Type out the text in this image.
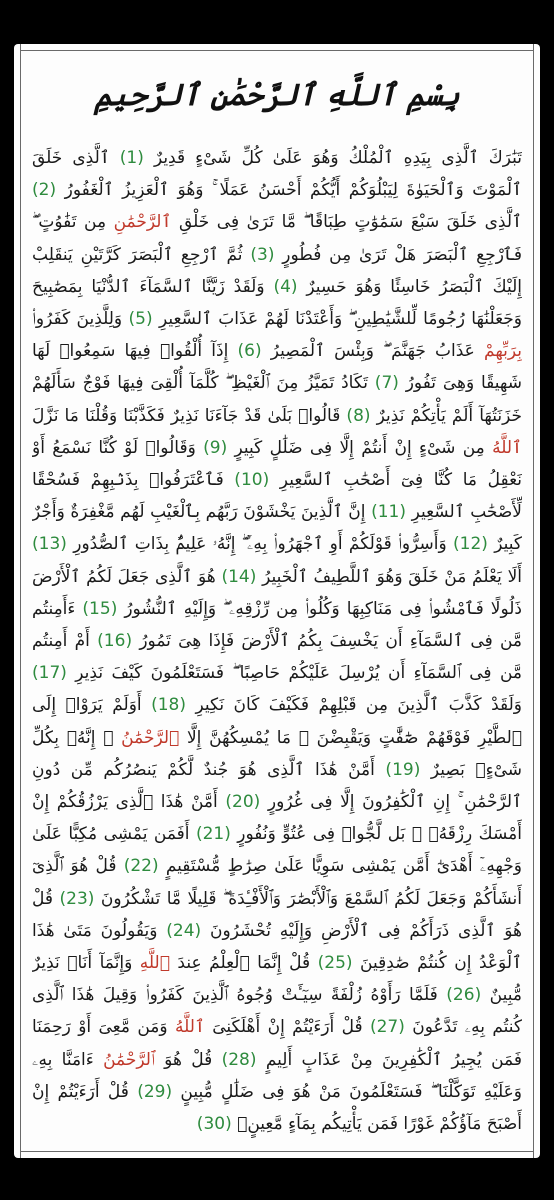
بِسْمِ ٱللَّهِ ٱلرَّحْمَٰنِ ٱلرَّحِيمِ
تَبَٰرَكَ ٱلَّذِى بِيَدِهِ ٱلْمُلْكُ وَهُوَ عَلَىٰ كُلِّ شَىْءٍ قَدِيرٌ (1) ٱلَّذِى خَلَقَ ٱلْمَوْتَ وَٱلْحَيَوٰةَ لِيَبْلُوَكُمْ أَيُّكُمْ أَحْسَنُ عَمَلًا ۚ وَهُوَ ٱلْعَزِيزُ ٱلْغَفُورُ (2) ٱلَّذِى خَلَقَ سَبْعَ سَمَٰوَٰتٍ طِبَاقًا ۖ مَّا تَرَىٰ فِى خَلْقِ ٱلرَّحْمَٰنِ مِن تَفَٰوُتٍ ۖ فَٱرْجِعِ ٱلْبَصَرَ هَلْ تَرَىٰ مِن فُطُورٍ (3) ثُمَّ ٱرْجِعِ ٱلْبَصَرَ كَرَّتَيْنِ يَنقَلِبْ إِلَيْكَ ٱلْبَصَرُ خَاسِئًا وَهُوَ حَسِيرٌ (4) وَلَقَدْ زَيَّنَّا ٱلسَّمَآءَ ٱلدُّنْيَا بِمَصَٰبِيحَ وَجَعَلْنَٰهَا رُجُومًا لِّلشَّيَٰطِينِ ۖ وَأَعْتَدْنَا لَهُمْ عَذَابَ ٱلسَّعِيرِ (5) وَلِلَّذِينَ كَفَرُوا۟ بِرَبِّهِمْ عَذَابُ جَهَنَّمَ ۖ وَبِئْسَ ٱلْمَصِيرُ (6) إِذَآ أُلْقُوا۟ فِيهَا سَمِعُوا۟ لَهَا شَهِيقًا وَهِىَ تَفُورُ (7) تَكَادُ تَمَيَّزُ مِنَ ٱلْغَيْظِ ۖ كُلَّمَآ أُلْقِىَ فِيهَا فَوْجٌ سَأَلَهُمْ خَزَنَتُهَآ أَلَمْ يَأْتِكُمْ نَذِيرٌ (8) قَالُوا۟ بَلَىٰ قَدْ جَآءَنَا نَذِيرٌ فَكَذَّبْنَا وَقُلْنَا مَا نَزَّلَ ٱللَّهُ مِن شَىْءٍ إِنْ أَنتُمْ إِلَّا فِى ضَلَٰلٍ كَبِيرٍ (9) وَقَالُوا۟ لَوْ كُنَّا نَسْمَعُ أَوْ نَعْقِلُ مَا كُنَّا فِىٓ أَصْحَٰبِ ٱلسَّعِيرِ (10) فَٱعْتَرَفُوا۟ بِذَنۢبِهِمْ فَسُحْقًا لِّأَصْحَٰبِ ٱلسَّعِيرِ (11) إِنَّ ٱلَّذِينَ يَخْشَوْنَ رَبَّهُم بِٱلْغَيْبِ لَهُم مَّغْفِرَةٌ وَأَجْرٌ كَبِيرٌ (12) وَأَسِرُّوا۟ قَوْلَكُمْ أَوِ ٱجْهَرُوا۟ بِهِۦٓ ۖ إِنَّهُۥ عَلِيمٌۢ بِذَاتِ ٱلصُّدُورِ (13) أَلَا يَعْلَمُ مَنْ خَلَقَ وَهُوَ ٱللَّطِيفُ ٱلْخَبِيرُ (14) هُوَ ٱلَّذِى جَعَلَ لَكُمُ ٱلْأَرْضَ ذَلُولًا فَٱمْشُوا۟ فِى مَنَاكِبِهَا وَكُلُوا۟ مِن رِّزْقِهِۦ ۖ وَإِلَيْهِ ٱلنُّشُورُ (15) ءَأَمِنتُم مَّن فِى ٱلسَّمَآءِ أَن يَخْسِفَ بِكُمُ ٱلْأَرْضَ فَإِذَا هِىَ تَمُورُ (16) أَمْ أَمِنتُم مَّن فِى ٱلسَّمَآءِ أَن يُرْسِلَ عَلَيْكُمْ حَاصِبًا ۖ فَسَتَعْلَمُونَ كَيْفَ نَذِيرِ (17) وَلَقَدْ كَذَّبَ ٱلَّذِينَ مِن قَبْلِهِمْ فَكَيْفَ كَانَ نَكِيرِ (18) أَوَلَمْ يَرَوْا۟ إِلَى ٱلطَّيْرِ فَوْقَهُمْ صَٰٓفَّٰتٍ وَيَقْبِضْنَ ۚ مَا يُمْسِكُهُنَّ إِلَّا ٱلرَّحْمَٰنُ ۚ إِنَّهُۥ بِكُلِّ شَىْءٍۭ بَصِيرٌ (19) أَمَّنْ هَٰذَا ٱلَّذِى هُوَ جُندٌ لَّكُمْ يَنصُرُكُم مِّن دُونِ ٱلرَّحْمَٰنِ ۚ إِنِ ٱلْكَٰفِرُونَ إِلَّا فِى غُرُورٍ (20) أَمَّنْ هَٰذَا ٱلَّذِى يَرْزُقُكُمْ إِنْ أَمْسَكَ رِزْقَهُۥ ۚ بَل لَّجُّوا۟ فِى عُتُوٍّ وَنُفُورٍ (21) أَفَمَن يَمْشِى مُكِبًّا عَلَىٰ وَجْهِهِۦٓ أَهْدَىٰٓ أَمَّن يَمْشِى سَوِيًّا عَلَىٰ صِرَٰطٍ مُّسْتَقِيمٍ (22) قُلْ هُوَ ٱلَّذِىٓ أَنشَأَكُمْ وَجَعَلَ لَكُمُ ٱلسَّمْعَ وَٱلْأَبْصَٰرَ وَٱلْأَفْـِٔدَةَ ۖ قَلِيلًا مَّا تَشْكُرُونَ (23) قُلْ هُوَ ٱلَّذِى ذَرَأَكُمْ فِى ٱلْأَرْضِ وَإِلَيْهِ تُحْشَرُونَ (24) وَيَقُولُونَ مَتَىٰ هَٰذَا ٱلْوَعْدُ إِن كُنتُمْ صَٰدِقِينَ (25) قُلْ إِنَّمَا ٱلْعِلْمُ عِندَ ٱللَّهِ وَإِنَّمَآ أَنَا۠ نَذِيرٌ مُّبِينٌ (26) فَلَمَّا رَأَوْهُ زُلْفَةً سِيٓـَٔتْ وُجُوهُ ٱلَّذِينَ كَفَرُوا۟ وَقِيلَ هَٰذَا ٱلَّذِى كُنتُم بِهِۦ تَدَّعُونَ (27) قُلْ أَرَءَيْتُمْ إِنْ أَهْلَكَنِىَ ٱللَّهُ وَمَن مَّعِىَ أَوْ رَحِمَنَا فَمَن يُجِيرُ ٱلْكَٰفِرِينَ مِنْ عَذَابٍ أَلِيمٍ (28) قُلْ هُوَ ٱلرَّحْمَٰنُ ءَامَنَّا بِهِۦ وَعَلَيْهِ تَوَكَّلْنَا ۖ فَسَتَعْلَمُونَ مَنْ هُوَ فِى ضَلَٰلٍ مُّبِينٍ (29) قُلْ أَرَءَيْتُمْ إِنْ أَصْبَحَ مَآؤُكُمْ غَوْرًا فَمَن يَأْتِيكُم بِمَآءٍ مَّعِينٍۭ (30)
